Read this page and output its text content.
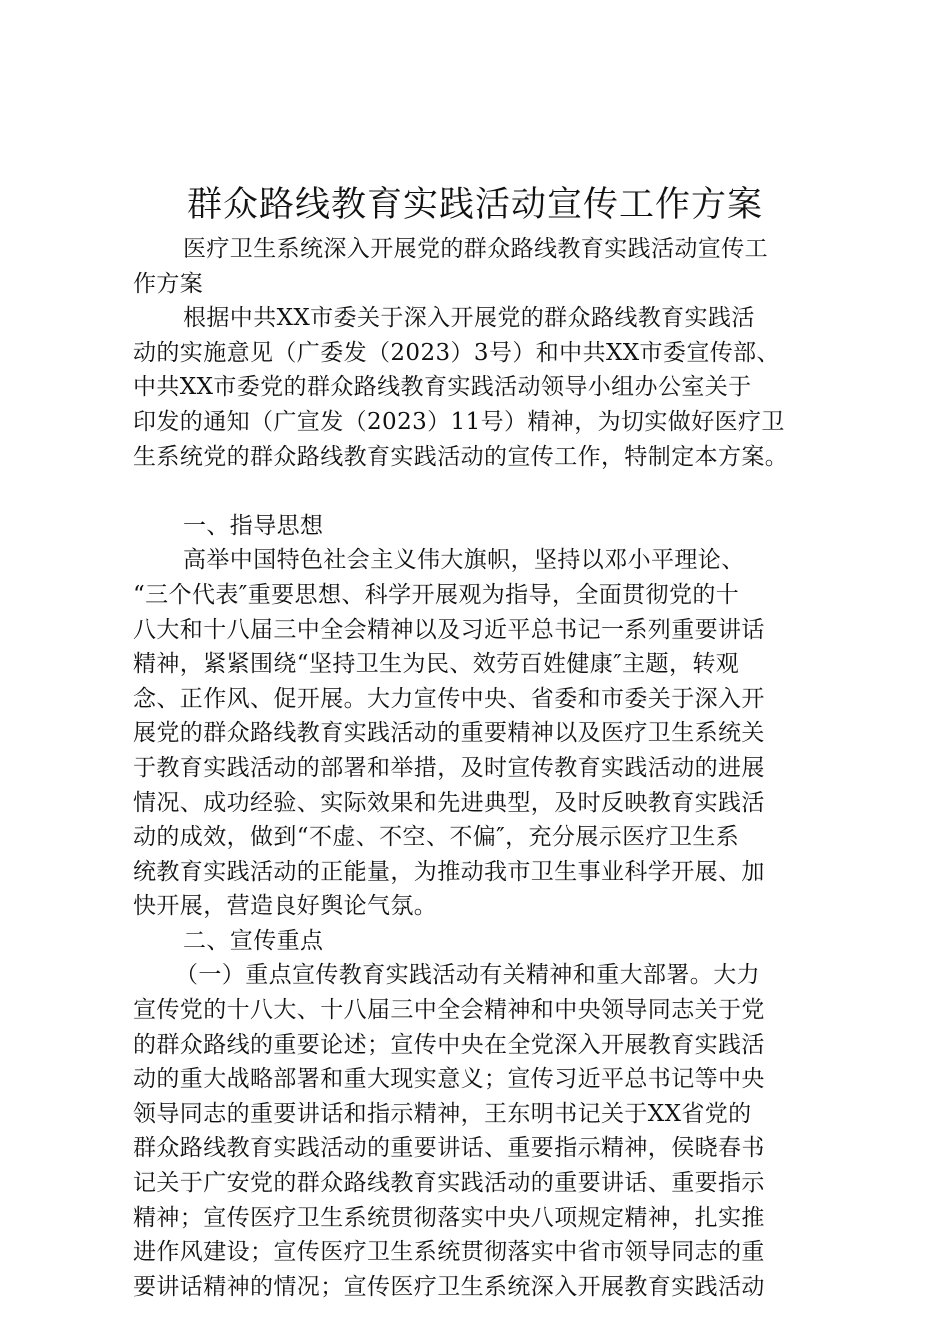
群众路线教育实践活动宣传工作方案
医疗卫生系统深入开展党的群众路线教育实践活动宣传工
作方案
根据中共XX市委关于深入开展党的群众路线教育实践活
动的实施意见（广委发（2023）3号）和中共XX市委宣传部、
中共XX市委党的群众路线教育实践活动领导小组办公室关于
印发的通知（广宣发（2023）11号）精神，为切实做好医疗卫
生系统党的群众路线教育实践活动的宣传工作，特制定本方案。
一、指导思想
高举中国特色社会主义伟大旗帜，坚持以邓小平理论、
“三个代表″重要思想、科学开展观为指导，全面贯彻党的十
八大和十八届三中全会精神以及习近平总书记一系列重要讲话
精神，紧紧围绕“坚持卫生为民、效劳百姓健康″主题，转观
念、正作风、促开展。大力宣传中央、省委和市委关于深入开
展党的群众路线教育实践活动的重要精神以及医疗卫生系统关
于教育实践活动的部署和举措，及时宣传教育实践活动的进展
情况、成功经验、实际效果和先进典型，及时反映教育实践活
动的成效，做到“不虚、不空、不偏″，充分展示医疗卫生系
统教育实践活动的正能量，为推动我市卫生事业科学开展、加
快开展，营造良好舆论气氛。
二、宣传重点
（一）重点宣传教育实践活动有关精神和重大部署。大力
宣传党的十八大、十八届三中全会精神和中央领导同志关于党
的群众路线的重要论述；宣传中央在全党深入开展教育实践活
动的重大战略部署和重大现实意义；宣传习近平总书记等中央
领导同志的重要讲话和指示精神，王东明书记关于XX省党的
群众路线教育实践活动的重要讲话、重要指示精神，侯晓春书
记关于广安党的群众路线教育实践活动的重要讲话、重要指示
精神；宣传医疗卫生系统贯彻落实中央八项规定精神，扎实推
进作风建设；宣传医疗卫生系统贯彻落实中省市领导同志的重
要讲话精神的情况；宣传医疗卫生系统深入开展教育实践活动
